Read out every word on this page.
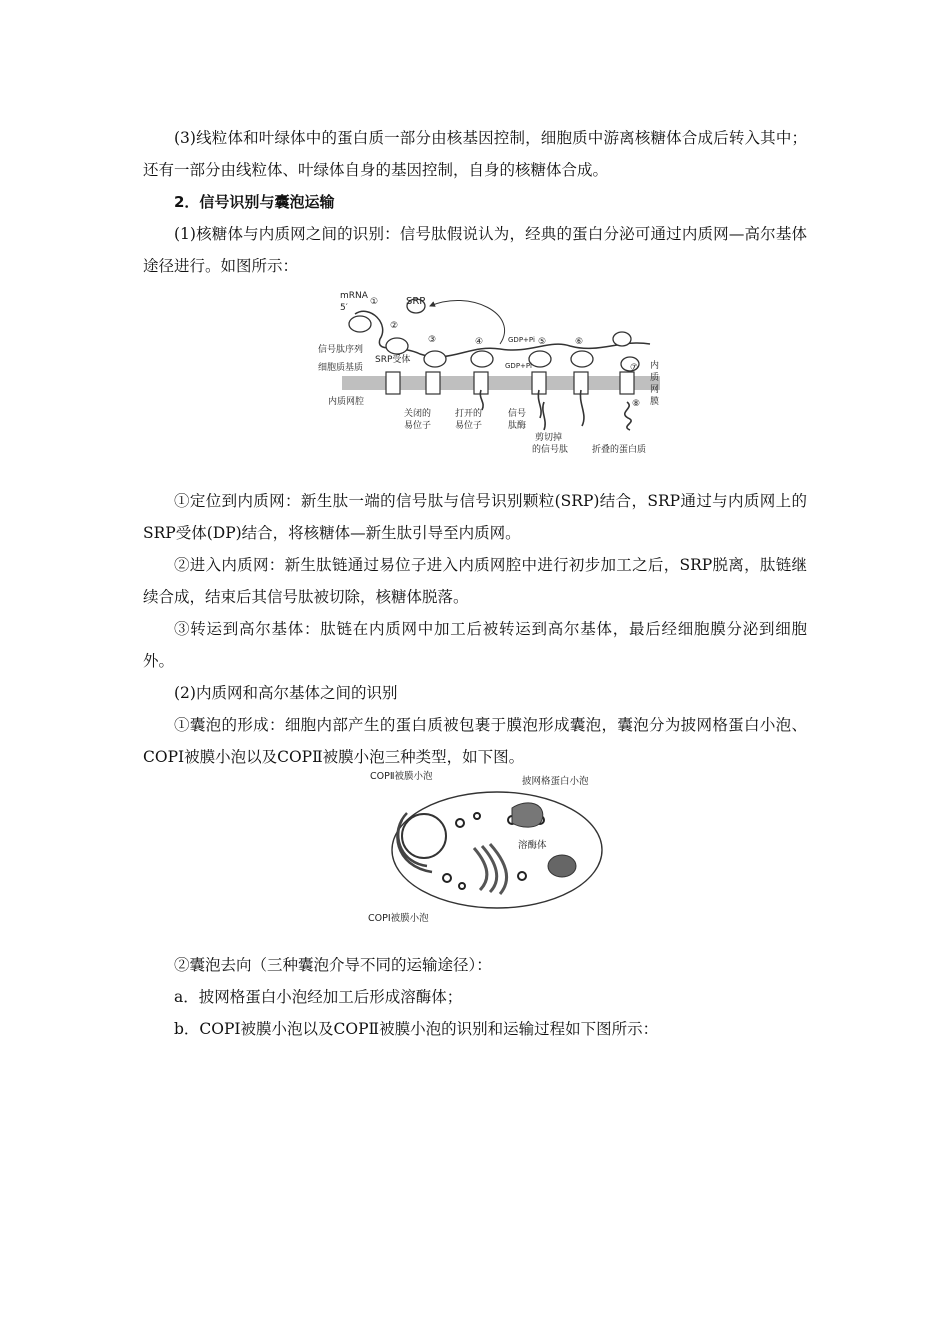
(3)线粒体和叶绿体中的蛋白质一部分由核基因控制，细胞质中游离核糖体合成后转入其中；还有一部分由线粒体、叶绿体自身的基因控制，自身的核糖体合成。

2．信号识别与囊泡运输

(1)核糖体与内质网之间的识别：信号肽假说认为，经典的蛋白分泌可通过内质网—高尔基体途径进行。如图所示：

mRNA
5′
SRP
①
②
③	④	⑤	⑥
⑦
⑧
GDP+Pi
GDP+Pi
信号肽序列
SRP受体
细胞质基质
内质网腔
关闭的
易位子
打开的
易位子
信号
肽酶
剪切掉
的信号肽	折叠的蛋白质
内
质
网
膜

①定位到内质网：新生肽一端的信号肽与信号识别颗粒(SRP)结合，SRP通过与内质网上的SRP受体(DP)结合，将核糖体—新生肽引导至内质网。

②进入内质网：新生肽链通过易位子进入内质网腔中进行初步加工之后，SRP脱离，肽链继续合成，结束后其信号肽被切除，核糖体脱落。

③转运到高尔基体：肽链在内质网中加工后被转运到高尔基体，最后经细胞膜分泌到细胞外。

(2)内质网和高尔基体之间的识别

①囊泡的形成：细胞内部产生的蛋白质被包裹于膜泡形成囊泡，囊泡分为披网格蛋白小泡、COPⅠ被膜小泡以及COPⅡ被膜小泡三种类型，如下图。

COPⅡ被膜小泡	披网格蛋白小泡
溶酶体
COPⅠ被膜小泡

②囊泡去向（三种囊泡介导不同的运输途径）：

a．披网格蛋白小泡经加工后形成溶酶体；

b．COPⅠ被膜小泡以及COPⅡ被膜小泡的识别和运输过程如下图所示：
